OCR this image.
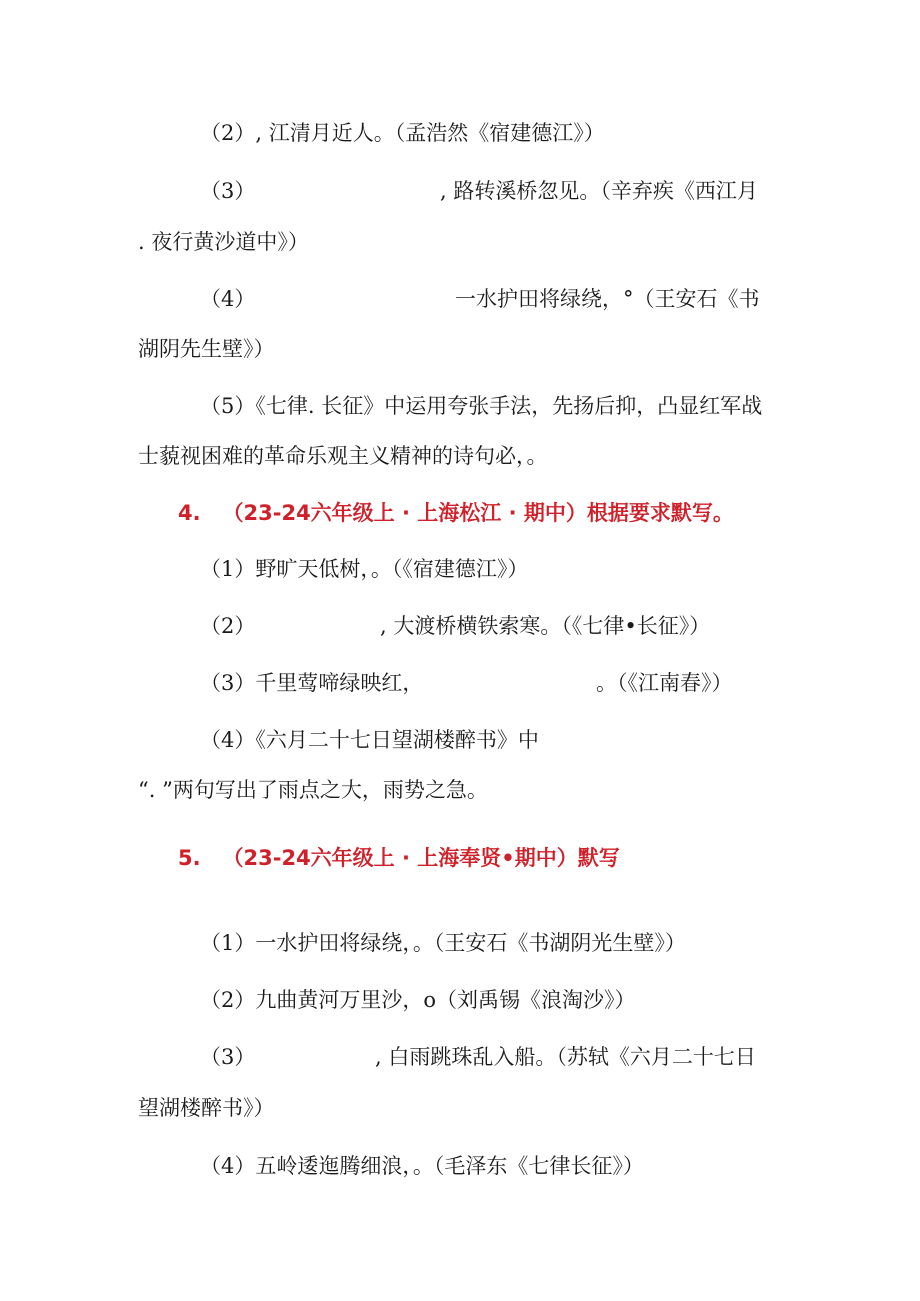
（2）, 江清月近人。（孟浩然《宿建德江》）
（3）	, 路转溪桥忽见。（辛弃疾《西江月
. 夜行黄沙道中》）
（4）	一水护田将绿绕，°（王安石《书
湖阴先生壁》）
（5）《七律. 长征》中运用夸张手法，先扬后抑，凸显红军战
士藐视困难的革命乐观主义精神的诗句必，。
4.   （23-24六年级上 · 上海松江 · 期中）根据要求默写。
（1）野旷天低树，。（《宿建德江》）
（2）	, 大渡桥横铁索寒。（《七律•长征》）
（3）千里莺啼绿映红，	。（《江南春》）
（4）《六月二十七日望湖楼醉书》中
“. ”两句写出了雨点之大，雨势之急。
5.   （23-24六年级上 · 上海奉贤•期中）默写
（1）一水护田将绿绕，。（王安石《书湖阴光生壁》）
（2）九曲黄河万里沙，o（刘禹锡《浪淘沙》）
（3）	, 白雨跳珠乱入船。（苏轼《六月二十七日
望湖楼醉书》）
（4）五岭逶迤腾细浪，。（毛泽东《七律长征》）
